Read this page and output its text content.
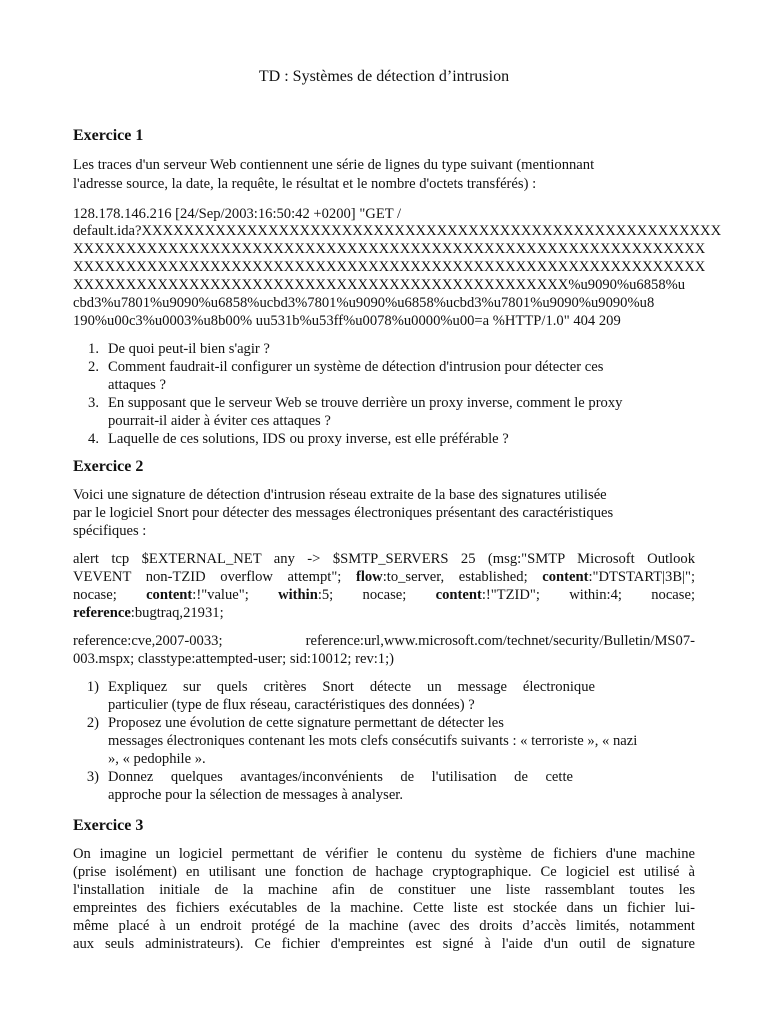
TD : Systèmes de détection d’intrusion
Exercice 1
Les traces d'un serveur Web contiennent une série de lignes du type suivant (mentionnant
l'adresse source, la date, la requête, le résultat et le nombre d'octets transférés) :
128.178.146.216 [24/Sep/2003:16:50:42 +0200] "GET /
default.ida?XXXXXXXXXXXXXXXXXXXXXXXXXXXXXXXXXXXXXXXXXXXXXXXXXXXXXXX
XXXXXXXXXXXXXXXXXXXXXXXXXXXXXXXXXXXXXXXXXXXXXXXXXXXXXXXXXXXX
XXXXXXXXXXXXXXXXXXXXXXXXXXXXXXXXXXXXXXXXXXXXXXXXXXXXXXXXXXXX
XXXXXXXXXXXXXXXXXXXXXXXXXXXXXXXXXXXXXXXXXXXXXXX%u9090%u6858%u
cbd3%u7801%u9090%u6858%ucbd3%7801%u9090%u6858%ucbd3%u7801%u9090%u9090%u8
190%u00c3%u0003%u8b00% uu531b%u53ff%u0078%u0000%u00=a %HTTP/1.0" 404 209
1. De quoi peut-il bien s'agir ?
2. Comment faudrait-il configurer un système de détection d'intrusion pour détecter ces
attaques ?
3. En supposant que le serveur Web se trouve derrière un proxy inverse, comment le proxy
pourrait-il aider à éviter ces attaques ?
4. Laquelle de ces solutions, IDS ou proxy inverse, est elle préférable ?
Exercice 2
Voici une signature de détection d'intrusion réseau extraite de la base des signatures utilisée
par le logiciel Snort pour détecter des messages électroniques présentant des caractéristiques
spécifiques :
alert tcp $EXTERNAL_NET any -> $SMTP_SERVERS 25 (msg:"SMTP Microsoft Outlook
VEVENT non-TZID overflow attempt"; flow:to_server, established; content:"DTSTART|3B|";
nocase; content:!"value"; within:5; nocase; content:!"TZID"; within:4; nocase;
reference:bugtraq,21931;
reference:cve,2007-0033;	reference:url,www.microsoft.com/technet/security/Bulletin/MS07-
003.mspx; classtype:attempted-user; sid:10012; rev:1;)
1) Expliquez sur quels critères Snort détecte un message électronique
particulier (type de flux réseau, caractéristiques des données) ?
2) Proposez une évolution de cette signature permettant de détecter les
messages électroniques contenant les mots clefs consécutifs suivants : « terroriste », « nazi
», « pedophile ».
3) Donnez quelques avantages/inconvénients de l'utilisation de cette
approche pour la sélection de messages à analyser.
Exercice 3
On imagine un logiciel permettant de vérifier le contenu du système de fichiers d'une machine
(prise isolément) en utilisant une fonction de hachage cryptographique. Ce logiciel est utilisé à
l'installation initiale de la machine afin de constituer une liste rassemblant toutes les
empreintes des fichiers exécutables de la machine. Cette liste est stockée dans un fichier lui-
même placé à un endroit protégé de la machine (avec des droits d’accès limités, notamment
aux seuls administrateurs). Ce fichier d'empreintes est signé à l'aide d'un outil de signature
